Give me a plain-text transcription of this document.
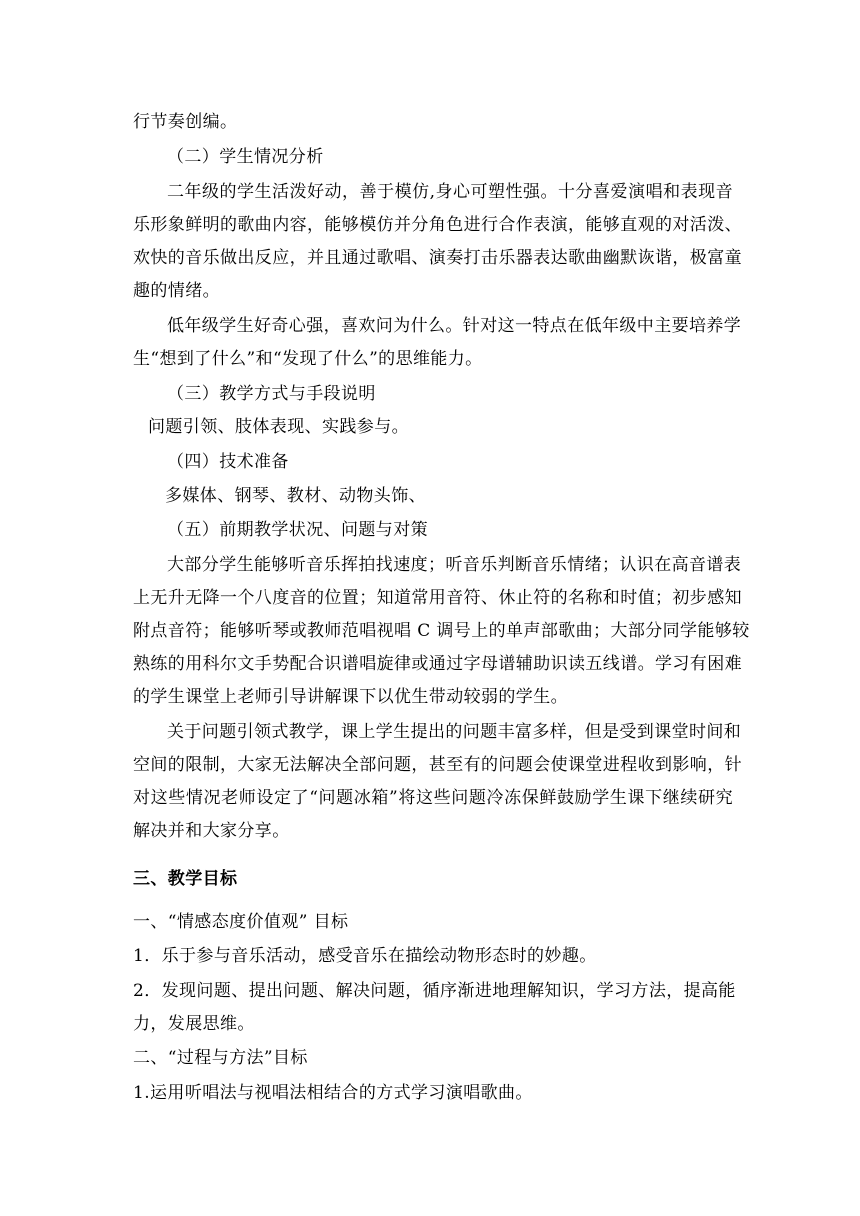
行节奏创编。
（二）学生情况分析
二年级的学生活泼好动，善于模仿,身心可塑性强。十分喜爱演唱和表现音
乐形象鲜明的歌曲内容，能够模仿并分角色进行合作表演，能够直观的对活泼、
欢快的音乐做出反应，并且通过歌唱、演奏打击乐器表达歌曲幽默诙谐，极富童
趣的情绪。
低年级学生好奇心强，喜欢问为什么。针对这一特点在低年级中主要培养学
生“想到了什么”和“发现了什么”的思维能力。
（三）教学方式与手段说明
问题引领、肢体表现、实践参与。
（四）技术准备
多媒体、钢琴、教材、动物头饰、
（五）前期教学状况、问题与对策
大部分学生能够听音乐挥拍找速度；听音乐判断音乐情绪；认识在高音谱表
上无升无降一个八度音的位置；知道常用音符、休止符的名称和时值；初步感知
附点音符；能够听琴或教师范唱视唱 C 调号上的单声部歌曲；大部分同学能够较
熟练的用科尔文手势配合识谱唱旋律或通过字母谱辅助识读五线谱。学习有困难
的学生课堂上老师引导讲解课下以优生带动较弱的学生。
关于问题引领式教学，课上学生提出的问题丰富多样，但是受到课堂时间和
空间的限制，大家无法解决全部问题，甚至有的问题会使课堂进程收到影响，针
对这些情况老师设定了“问题冰箱”将这些问题冷冻保鲜鼓励学生课下继续研究
解决并和大家分享。
三、教学目标
一、“情感态度价值观” 目标
1．乐于参与音乐活动，感受音乐在描绘动物形态时的妙趣。
2．发现问题、提出问题、解决问题，循序渐进地理解知识，学习方法，提高能
力，发展思维。
二、“过程与方法”目标
1.运用听唱法与视唱法相结合的方式学习演唱歌曲。
